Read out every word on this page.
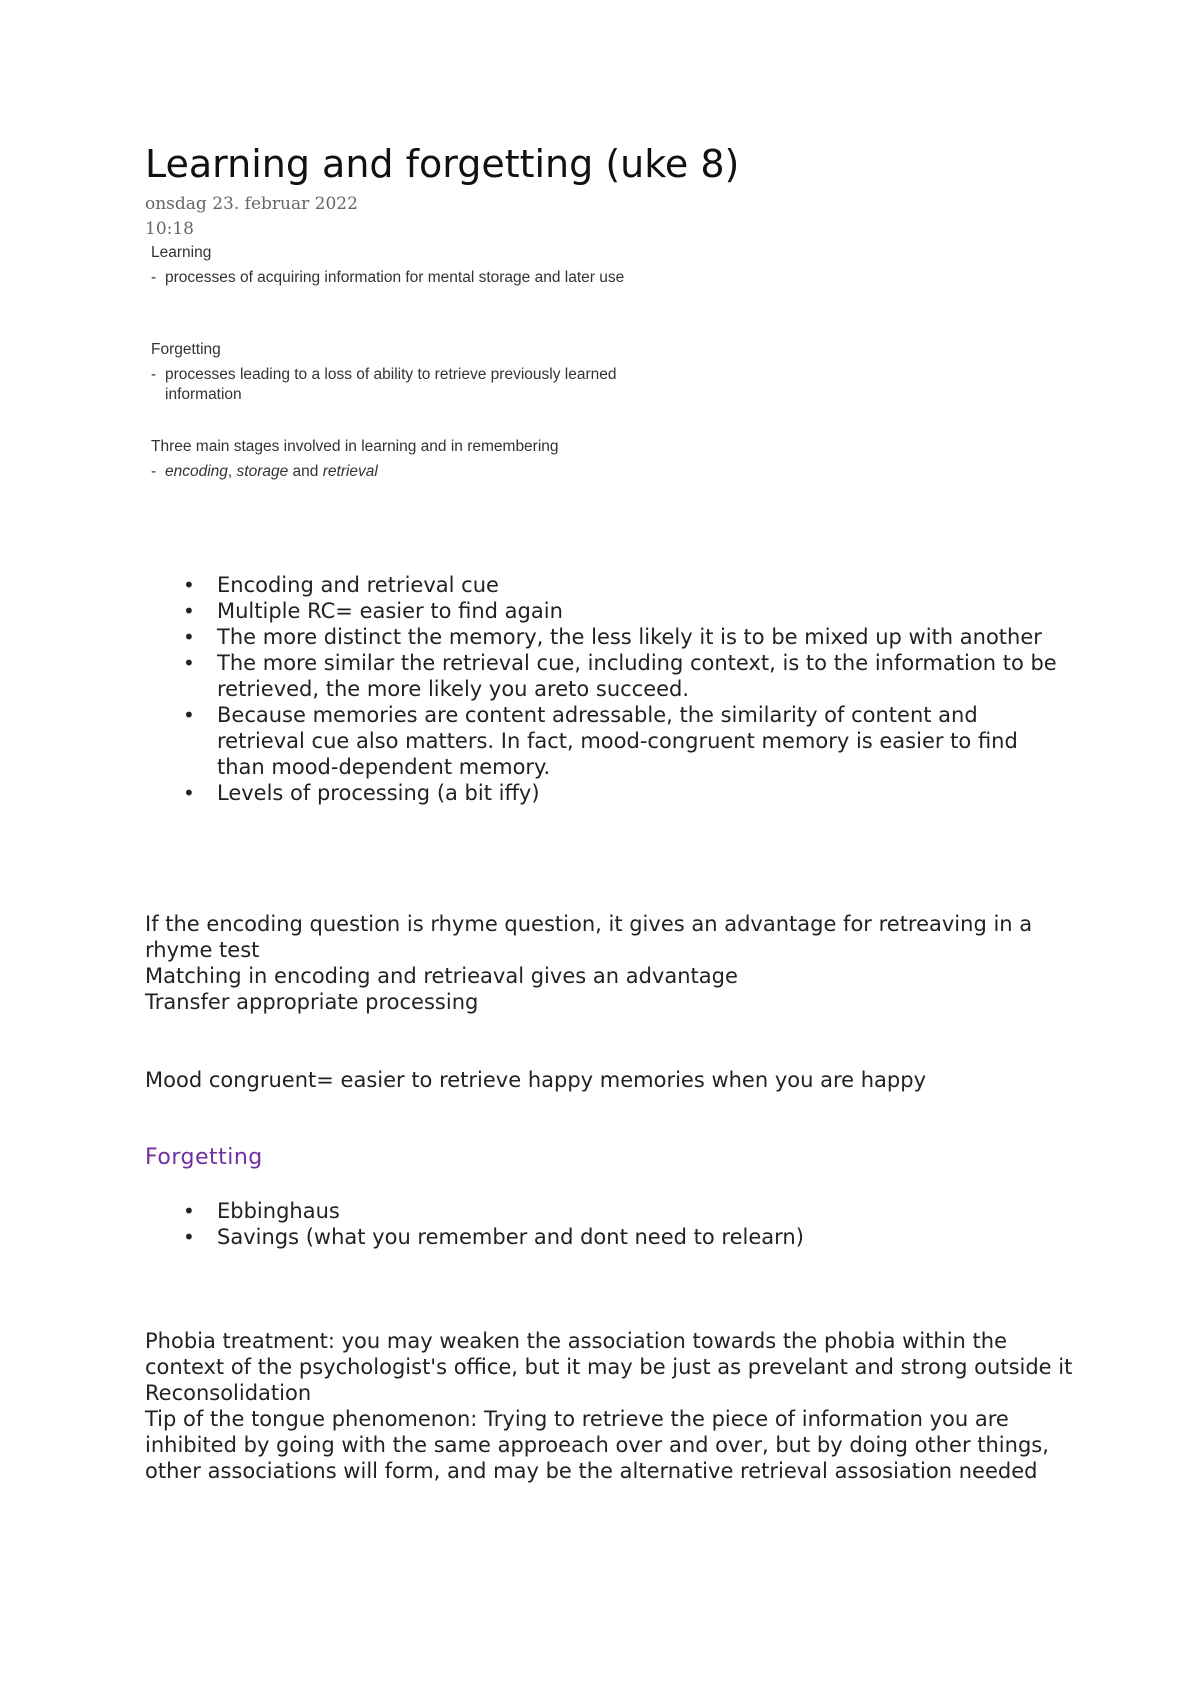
Learning and forgetting (uke 8)
onsdag 23. februar 2022
10:18
Learning
- processes of acquiring information for mental storage and later use
Forgetting
- processes leading to a loss of ability to retrieve previously learned information
Three main stages involved in learning and in remembering
- encoding, storage and retrieval
• Encoding and retrieval cue
• Multiple RC= easier to find again
• The more distinct the memory, the less likely it is to be mixed up with another
• The more similar the retrieval cue, including context, is to the information to be retrieved, the more likely you areto succeed.
• Because memories are content adressable, the similarity of content and retrieval cue also matters. In fact, mood-congruent memory is easier to find than mood-dependent memory.
• Levels of processing (a bit iffy)
If the encoding question is rhyme question, it gives an advantage for retreaving in a rhyme test
Matching in encoding and retrieaval gives an advantage
Transfer appropriate processing
Mood congruent= easier to retrieve happy memories when you are happy
Forgetting
• Ebbinghaus
• Savings (what you remember and dont need to relearn)
Phobia treatment: you may weaken the association towards the phobia within the context of the psychologist's office, but it may be just as prevelant and strong outside it
Reconsolidation
Tip of the tongue phenomenon: Trying to retrieve the piece of information you are inhibited by going with the same approeach over and over, but by doing other things, other associations will form, and may be the alternative retrieval assosiation needed
